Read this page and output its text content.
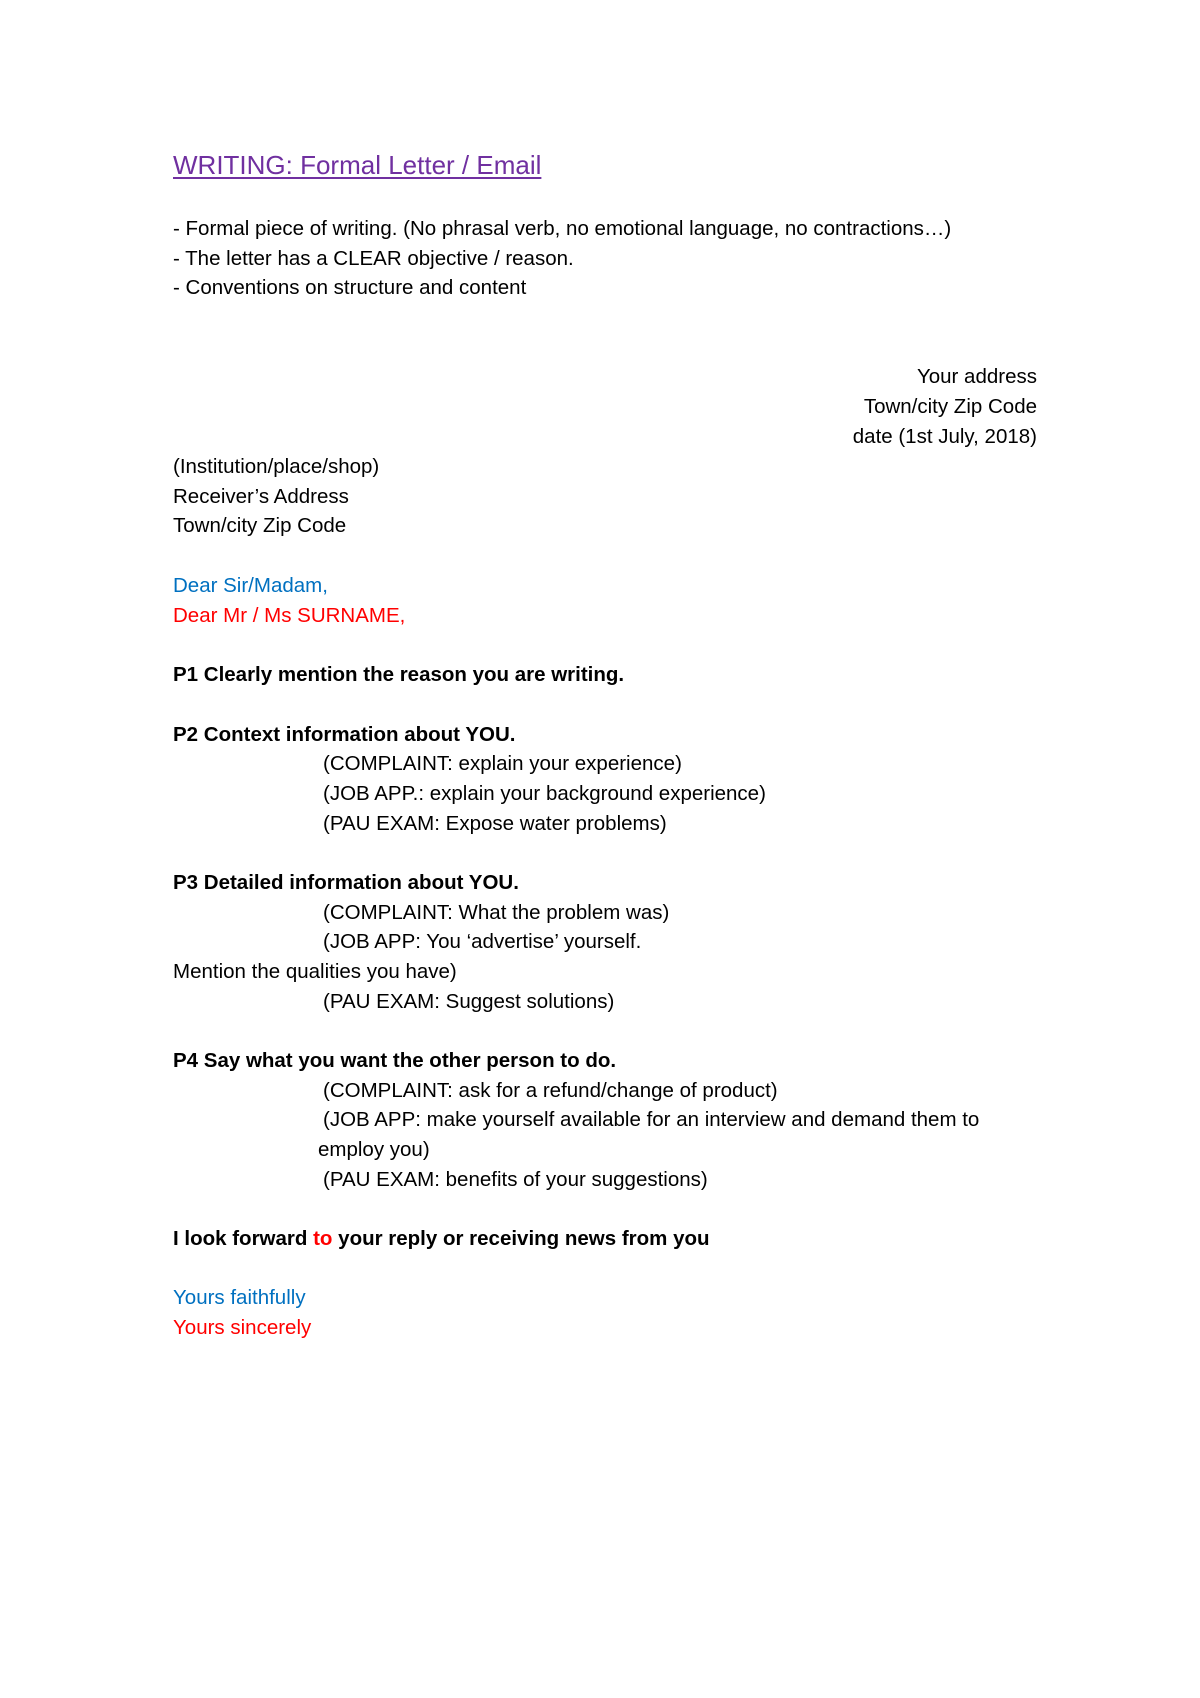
WRITING: Formal Letter / Email
- Formal piece of writing. (No phrasal verb, no emotional language, no contractions…)
- The letter has a CLEAR objective / reason.
- Conventions on structure and content
Your address
Town/city Zip Code
date (1st July, 2018)
(Institution/place/shop)
Receiver’s Address
Town/city Zip Code
Dear Sir/Madam,
Dear Mr / Ms SURNAME,
P1 Clearly mention the reason you are writing.
P2 Context information about YOU.
(COMPLAINT: explain your experience)
(JOB APP.: explain your background experience)
(PAU EXAM: Expose water problems)
P3 Detailed information about YOU.
(COMPLAINT: What the problem was)
(JOB APP: You ‘advertise’ yourself.
Mention the qualities you have)
(PAU EXAM: Suggest solutions)
P4 Say what you want the other person to do.
(COMPLAINT: ask for a refund/change of product)
(JOB APP: make yourself available for an interview and demand them to
employ you)
(PAU EXAM: benefits of your suggestions)
I look forward to your reply or receiving news from you
Yours faithfully
Yours sincerely
